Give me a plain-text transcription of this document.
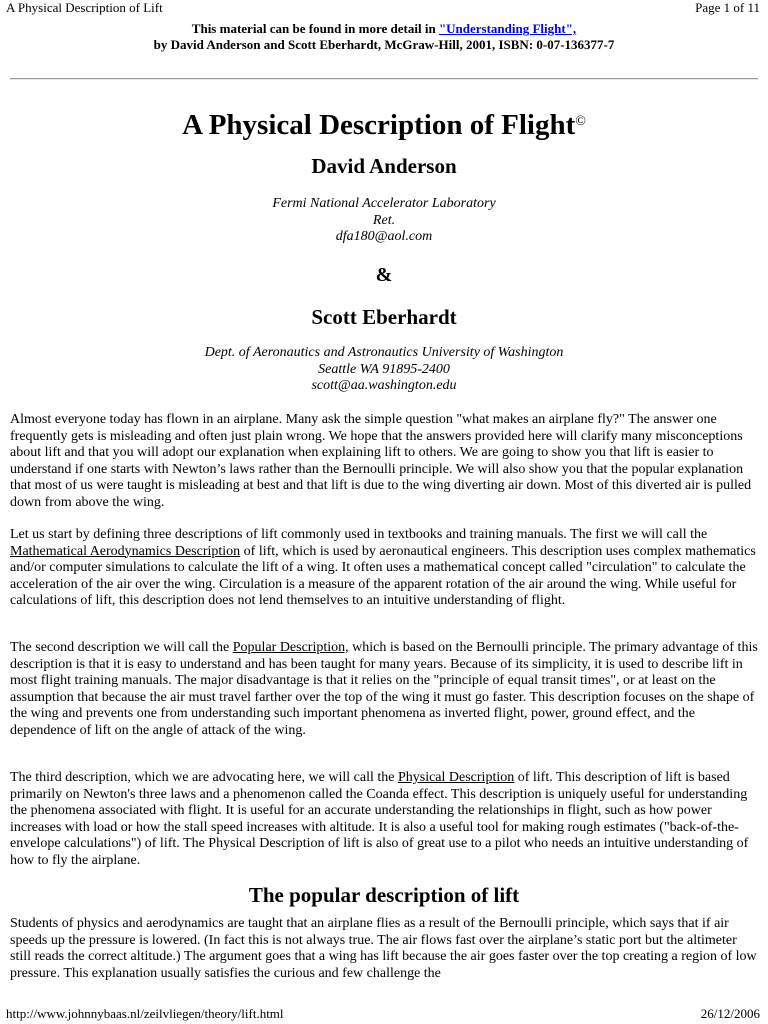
A Physical Description of Lift	Page 1 of 11
This material can be found in more detail in "Understanding Flight",
by David Anderson and Scott Eberhardt, McGraw-Hill, 2001, ISBN: 0-07-136377-7
A Physical Description of Flight©
David Anderson
Fermi National Accelerator Laboratory
Ret.
dfa180@aol.com
&
Scott Eberhardt
Dept. of Aeronautics and Astronautics University of Washington
Seattle WA 91895-2400
scott@aa.washington.edu

Almost everyone today has flown in an airplane. Many ask the simple question "what makes an airplane fly?" The answer one frequently gets is misleading and often just plain wrong. We hope that the answers provided here will clarify many misconceptions about lift and that you will adopt our explanation when explaining lift to others. We are going to show you that lift is easier to understand if one starts with Newton’s laws rather than the Bernoulli principle. We will also show you that the popular explanation that most of us were taught is misleading at best and that lift is due to the wing diverting air down. Most of this diverted air is pulled down from above the wing.

Let us start by defining three descriptions of lift commonly used in textbooks and training manuals. The first we will call the Mathematical Aerodynamics Description of lift, which is used by aeronautical engineers. This description uses complex mathematics and/or computer simulations to calculate the lift of a wing. It often uses a mathematical concept called "circulation" to calculate the acceleration of the air over the wing. Circulation is a measure of the apparent rotation of the air around the wing. While useful for calculations of lift, this description does not lend themselves to an intuitive understanding of flight.

The second description we will call the Popular Description, which is based on the Bernoulli principle. The primary advantage of this description is that it is easy to understand and has been taught for many years. Because of its simplicity, it is used to describe lift in most flight training manuals. The major disadvantage is that it relies on the "principle of equal transit times", or at least on the assumption that because the air must travel farther over the top of the wing it must go faster. This description focuses on the shape of the wing and prevents one from understanding such important phenomena as inverted flight, power, ground effect, and the dependence of lift on the angle of attack of the wing.

The third description, which we are advocating here, we will call the Physical Description of lift. This description of lift is based primarily on Newton's three laws and a phenomenon called the Coanda effect. This description is uniquely useful for understanding the phenomena associated with flight. It is useful for an accurate understanding the relationships in flight, such as how power increases with load or how the stall speed increases with altitude. It is also a useful tool for making rough estimates ("back-of-the-envelope calculations") of lift. The Physical Description of lift is also of great use to a pilot who needs an intuitive understanding of how to fly the airplane.

The popular description of lift

Students of physics and aerodynamics are taught that an airplane flies as a result of the Bernoulli principle, which says that if air speeds up the pressure is lowered. (In fact this is not always true. The air flows fast over the airplane’s static port but the altimeter still reads the correct altitude.) The argument goes that a wing has lift because the air goes faster over the top creating a region of low pressure. This explanation usually satisfies the curious and few challenge the

http://www.johnnybaas.nl/zeilvliegen/theory/lift.html	26/12/2006
